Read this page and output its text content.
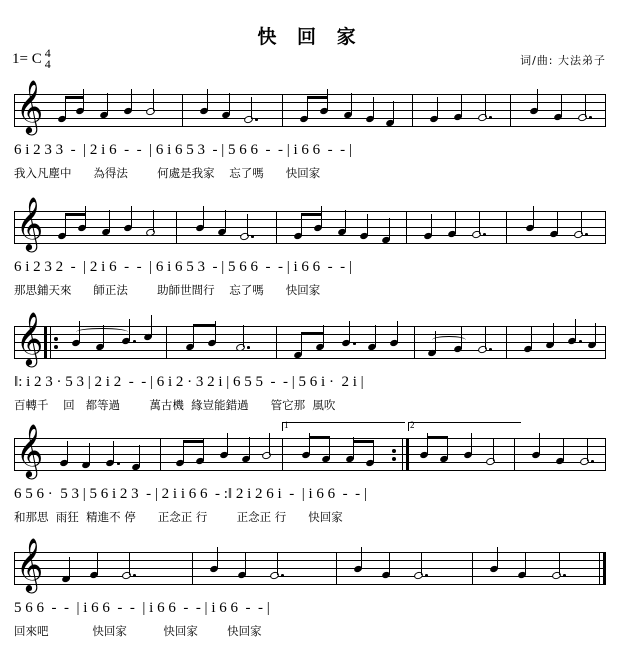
快 回 家
1= C 4
4	词/曲: 大法弟子
𝄞
6 i 2 3 3  -  | 2 i 6  -  -  | 6 i 6 5 3  - | 5 6 6  -  - | i 6 6  -  - |
我入凡塵中      為得法        何處是我家    忘了嗎      快回家
𝄞
6 i 2 3 2  -  | 2 i 6  -  -  | 6 i 6 5 3  - | 5 6 6  -  - | i 6 6  -  - |
那思鋪天來      師正法        助師世間行    忘了嗎      快回家
𝄞
‖: i 2 3 · 5 3 | 2 i 2  -  - | 6 i 2 · 3 2 i | 6 5 5  -  - | 5 6 i ·  2 i |
百轉千    回   都等過        萬古機  緣豈能錯過      管它那  風吹
1	2
𝄞
6 5 6 ·  5 3 | 5 6 i 2 3  - | 2 i i 6 6  - :‖ 2 i 2 6 i  -  | i 6 6  -  - |
和那思  雨狂  精進不 停      正念正 行        正念正 行      快回家
𝄞
5 6 6  -  -  | i 6 6  -  -  | i 6 6  -  - | i 6 6  -  - |
回來吧            快回家          快回家        快回家
